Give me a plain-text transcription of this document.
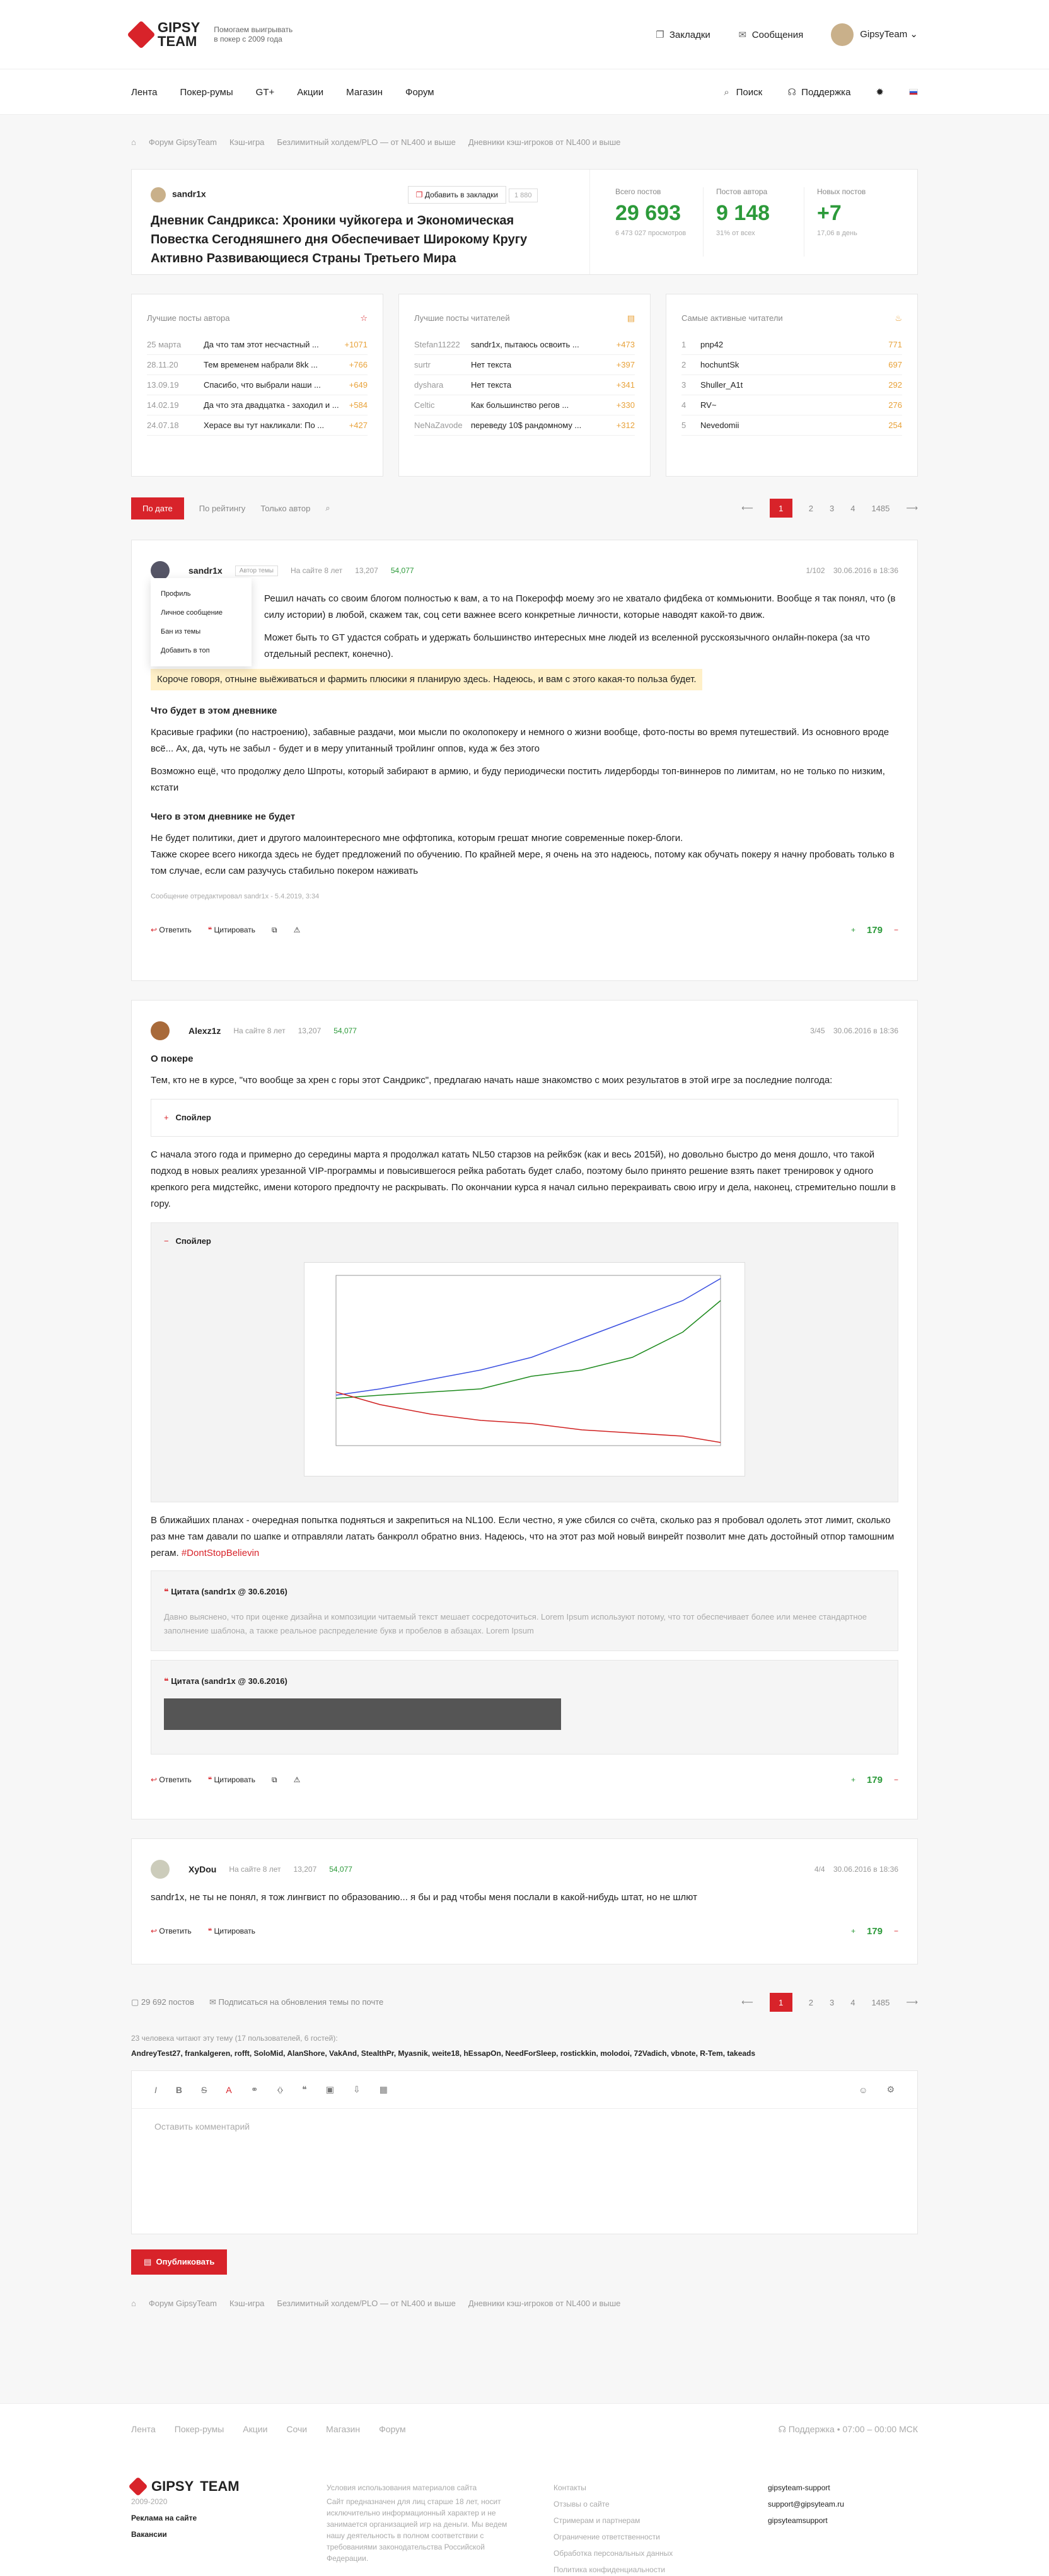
GIPSY
TEAM
Помогаем выигрывать в покер с 2009 года	❐ Закладки	✉ Сообщения	GipsyTeam ⌄
Лента Покер-румы GT+ Акции Магазин Форум	⌕ Поиск	☊ Поддержка	✹
⌂ Форум GipsyTeam Кэш-игра Безлимитный холдем/PLO — от NL400 и выше Дневники кэш-игроков от NL400 и выше
sandr1x	❐ Добавить в закладки 1 880
Дневник Сандрикса: Хроники чуйкогера и Экономическая Повестка Сегодняшнего дня Обеспечивает Широкому Кругу Активно Развивающиеся Страны Третьего Мира
Всего постов
29 693
6 473 027 просмотров
Постов автора
9 148
31% от всех
Новых постов
+7
17,06 в день
Лучшие посты автора	☆
25 марта	Да что там этот несчастный ...	+1071
28.11.20	Тем временем набрали 8kk ...	+766
13.09.19	Спасибо, что выбрали наши ...	+649
14.02.19	Да что эта двадцатка - заходил и ...	+584
24.07.18	Херасе вы тут накликали: По ...	+427
Лучшие посты читателей	▤
Stefan11222	sandr1x, пытаюсь освоить ...	+473
surtr	Нет текста	+397
dyshara	Нет текста	+341
Celtic	Как большинство регов ...	+330
NeNaZavode	переведу 10$ рандомному ...	+312
Самые активные читатели	♨
1	pnp42	771
2	hochuntSk	697
3	Shuller_A1t	292
4	RV~	276
5	Nevedomii	254
По дате	По рейтингу Только автор ⌕	⟵	1	2 3 4 1485 ⟶
sandr1x	Автор темы	На сайте 8 лет 13,207 54,077	1/102 30.06.2016 в 18:36
Профиль
Личное сообщение
Бан из темы
Добавить в топ

Решил начать со своим блогом полностью к вам, а то на Покерофф моему эго не хватало фидбека от коммьюнити. Вообще я так понял, что (в силу истории) в любой, скажем так, соц сети важнее всего конкретные личности, которые наводят какой-то движ.

Может быть то GT удастся собрать и удержать большинство интересных мне людей из вселенной русскоязычного онлайн-покера (за что отдельный респект, конечно).

Короче говоря, отныне выёживаться и фармить плюсики я планирую здесь. Надеюсь, и вам с этого какая-то польза будет.

Что будет в этом дневнике

Красивые графики (по настроению), забавные раздачи, мои мысли по околопокеру и немного о жизни вообще, фото-посты во время путешествий. Из основного вроде всё... Ах, да, чуть не забыл - будет и в меру упитанный тройлинг оппов, куда ж без этого

Возможно ещё, что продолжу дело Шпроты, который забирают в армию, и буду периодически постить лидерборды топ-виннеров по лимитам, но не только по низким, кстати

Чего в этом дневнике не будет

Не будет политики, диет и другого малоинтересного мне оффтопика, которым грешат многие современные покер-блоги.

Также скорее всего никогда здесь не будет предложений по обучению. По крайней мере, я очень на это надеюсь, потому как обучать покеру я начну пробовать только в том случае, если сам разучусь стабильно покером наживать

Сообщение отредактировал sandr1x - 5.4.2019, 3:34

↩ Ответить ❝ Цитировать ⧉ ⚠	+ 179 −
Alexz1z На сайте 8 лет 13,207 54,077	3/45 30.06.2016 в 18:36
О покере

Тем, кто не в курсе, "что вообще за хрен с горы этот Сандрикс", предлагаю начать наше знакомство с моих результатов в этой игре за последние полгода:

+ Спойлер

С начала этого года и примерно до середины марта я продолжал катать NL50 старзов на рейкбэк (как и весь 2015й), но довольно быстро до меня дошло, что такой подход в новых реалиях урезанной VIP-программы и повысившегося рейка работать будет слабо, поэтому было принято решение взять пакет тренировок у одного крепкого рега мидстейкс, имени которого предпочту не раскрывать. По окончании курса я начал сильно перекраивать свою игру и дела, наконец, стремительно пошли в гору.

− Спойлер

В ближайших планах - очередная попытка подняться и закрепиться на NL100. Если честно, я уже сбился со счёта, сколько раз я пробовал одолеть этот лимит, сколько раз мне там давали по шапке и отправляли латать банкролл обратно вниз. Надеюсь, что на этот раз мой новый винрейт позволит мне дать достойный отпор тамошним регам. #DontStopBelievin

❝ Цитата (sandr1x @ 30.6.2016)
Давно выяснено, что при оценке дизайна и композиции читаемый текст мешает сосредоточиться. Lorem Ipsum используют потому, что тот обеспечивает более или менее стандартное заполнение шаблона, а также реальное распределение букв и пробелов в абзацах. Lorem Ipsum
❝ Цитата (sandr1x @ 30.6.2016)
↩ Ответить ❝ Цитировать ⧉ ⚠	+ 179 −
XyDou На сайте 8 лет 13,207 54,077	4/4 30.06.2016 в 18:36
sandr1x, не ты не понял, я тож лингвист по образованию... я бы и рад чтобы меня послали в какой-нибудь штат, но не шлют
↩ Ответить ❝ Цитировать	+ 179 −
▢ 29 692 постов ✉ Подписаться на обновления темы по почте	⟵	1	2 3 4 1485 ⟶
23 человека читают эту тему (17 пользователей, 6 гостей):
AndreyTest27, frankalgeren, rofft, SoloMid, AlanShore, VakAnd, StealthPr, Myasnik, weite18, hEssapOn, NeedForSleep, rostickkin, molodoi, 72Vadich, vbnote, R-Tem, takeads
I B S A ⚭ ⧼⧽ ❝ ▣ ⇩ ▦	☺ ⚙
Оставить комментарий
▤ Опубликовать
⌂ Форум GipsyTeam Кэш-игра Безлимитный холдем/PLO — от NL400 и выше Дневники кэш-игроков от NL400 и выше
Лента Покер-румы Акции Сочи Магазин Форум	☊ Поддержка • 07:00 – 00:00 МСК
GIPSY TEAM
2009-2020
Реклама на сайте
Вакансии
Условия использования материалов сайта
Сайт предназначен для лиц старше 18 лет, носит исключительно информационный характер и не занимается организацией игр на деньги. Мы ведем нашу деятельность в полном соответствии с требованиями законодательства Российской Федерации.
Контакты
Отзывы о сайте
Стримерам и партнерам
Ограничение ответственности
Обработка персональных данных
Политика конфиденциальности
gipsyteam-support
support@gipsyteam.ru
gipsyteamsupport
